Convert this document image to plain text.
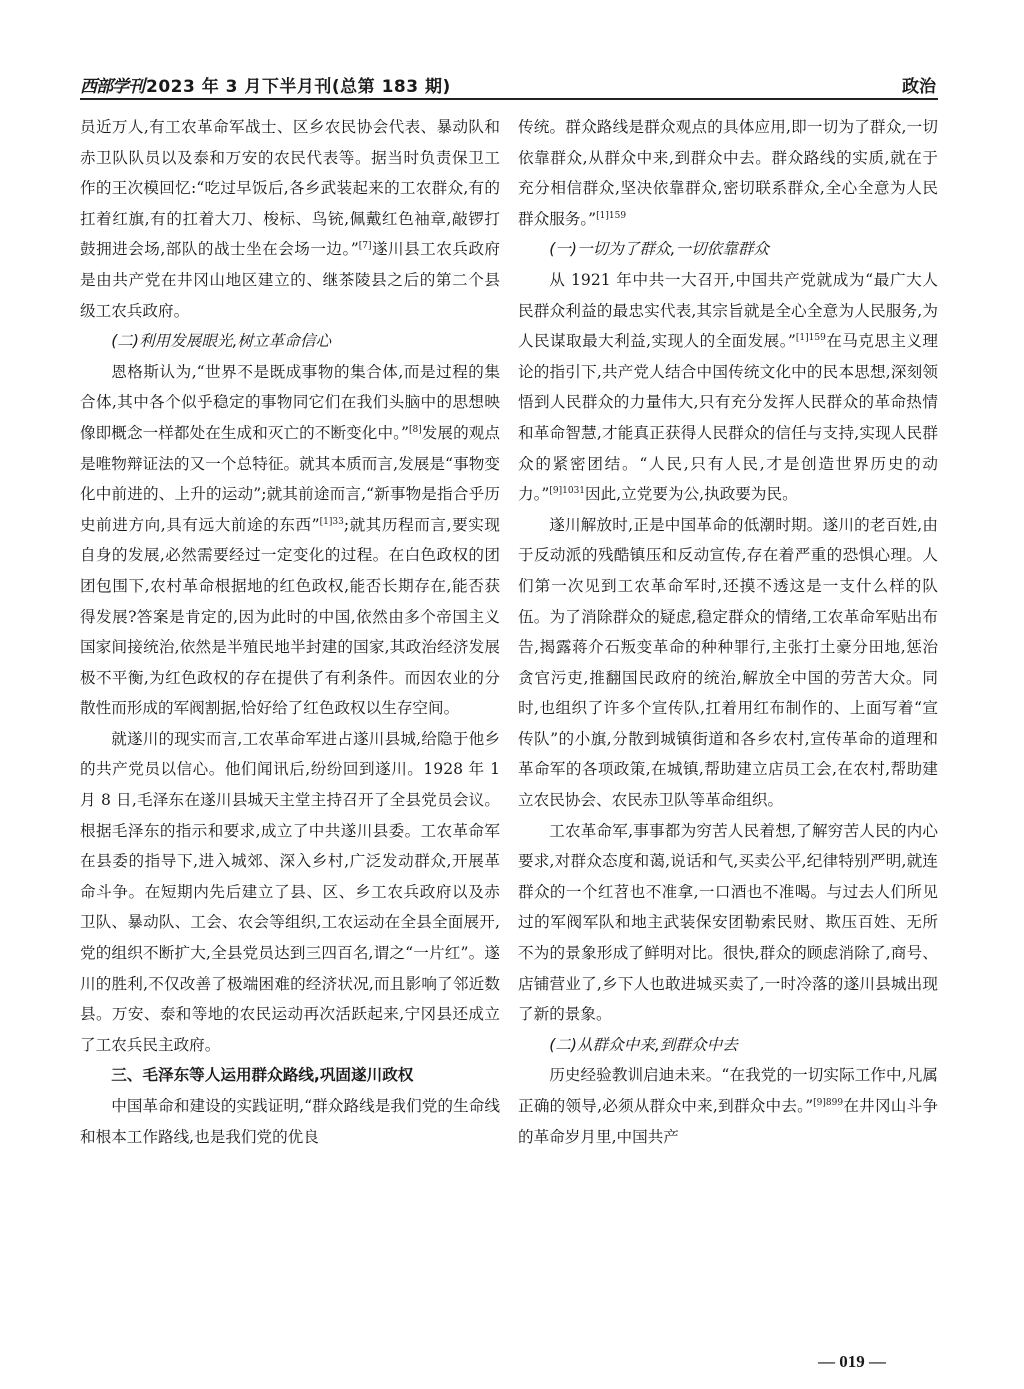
西部学刊 2023 年 3 月下半月刊(总第 183 期)	政治

员近万人,有工农革命军战士、区乡农民协会代表、暴动队和赤卫队队员以及泰和万安的农民代表等。据当时负责保卫工作的王次模回忆:“吃过早饭后,各乡武装起来的工农群众,有的扛着红旗,有的扛着大刀、梭标、鸟铳,佩戴红色袖章,敲锣打鼓拥进会场,部队的战士坐在会场一边。”[7]遂川县工农兵政府是由共产党在井冈山地区建立的、继茶陵县之后的第二个县级工农兵政府。

(二)利用发展眼光,树立革命信心

恩格斯认为,“世界不是既成事物的集合体,而是过程的集合体,其中各个似乎稳定的事物同它们在我们头脑中的思想映像即概念一样都处在生成和灭亡的不断变化中。”[8]发展的观点是唯物辩证法的又一个总特征。就其本质而言,发展是“事物变化中前进的、上升的运动”;就其前途而言,“新事物是指合乎历史前进方向,具有远大前途的东西”$^{[1]33}$;就其历程而言,要实现自身的发展,必然需要经过一定变化的过程。在白色政权的团团包围下,农村革命根据地的红色政权,能否长期存在,能否获得发展?答案是肯定的,因为此时的中国,依然由多个帝国主义国家间接统治,依然是半殖民地半封建的国家,其政治经济发展极不平衡,为红色政权的存在提供了有利条件。而因农业的分散性而形成的军阀割据,恰好给了红色政权以生存空间。

就遂川的现实而言,工农革命军进占遂川县城,给隐于他乡的共产党员以信心。他们闻讯后,纷纷回到遂川。1928 年 1 月 8 日,毛泽东在遂川县城天主堂主持召开了全县党员会议。根据毛泽东的指示和要求,成立了中共遂川县委。工农革命军在县委的指导下,进入城郊、深入乡村,广泛发动群众,开展革命斗争。在短期内先后建立了县、区、乡工农兵政府以及赤卫队、暴动队、工会、农会等组织,工农运动在全县全面展开,党的组织不断扩大,全县党员达到三四百名,谓之“一片红”。遂川的胜利,不仅改善了极端困难的经济状况,而且影响了邻近数县。万安、泰和等地的农民运动再次活跃起来,宁冈县还成立了工农兵民主政府。

三、毛泽东等人运用群众路线,巩固遂川政权

中国革命和建设的实践证明,“群众路线是我们党的生命线和根本工作路线,也是我们党的优良

传统。群众路线是群众观点的具体应用,即一切为了群众,一切依靠群众,从群众中来,到群众中去。群众路线的实质,就在于充分相信群众,坚决依靠群众,密切联系群众,全心全意为人民群众服务。”$^{[1]159}$

(一)一切为了群众,一切依靠群众

从 1921 年中共一大召开,中国共产党就成为“最广大人民群众利益的最忠实代表,其宗旨就是全心全意为人民服务,为人民谋取最大利益,实现人的全面发展。”$^{[1]159}$在马克思主义理论的指引下,共产党人结合中国传统文化中的民本思想,深刻领悟到人民群众的力量伟大,只有充分发挥人民群众的革命热情和革命智慧,才能真正获得人民群众的信任与支持,实现人民群众的紧密团结。“人民,只有人民,才是创造世界历史的动力。”$^{[9]1031}$因此,立党要为公,执政要为民。

遂川解放时,正是中国革命的低潮时期。遂川的老百姓,由于反动派的残酷镇压和反动宣传,存在着严重的恐惧心理。人们第一次见到工农革命军时,还摸不透这是一支什么样的队伍。为了消除群众的疑虑,稳定群众的情绪,工农革命军贴出布告,揭露蒋介石叛变革命的种种罪行,主张打土豪分田地,惩治贪官污吏,推翻国民政府的统治,解放全中国的劳苦大众。同时,也组织了许多个宣传队,扛着用红布制作的、上面写着“宣传队”的小旗,分散到城镇街道和各乡农村,宣传革命的道理和革命军的各项政策,在城镇,帮助建立店员工会,在农村,帮助建立农民协会、农民赤卫队等革命组织。

工农革命军,事事都为穷苦人民着想,了解穷苦人民的内心要求,对群众态度和蔼,说话和气,买卖公平,纪律特别严明,就连群众的一个红苕也不准拿,一口酒也不准喝。与过去人们所见过的军阀军队和地主武装保安团勒索民财、欺压百姓、无所不为的景象形成了鲜明对比。很快,群众的顾虑消除了,商号、店铺营业了,乡下人也敢进城买卖了,一时冷落的遂川县城出现了新的景象。

(二)从群众中来,到群众中去

历史经验教训启迪未来。“在我党的一切实际工作中,凡属正确的领导,必须从群众中来,到群众中去。”$^{[9]899}$在井冈山斗争的革命岁月里,中国共产

— 019 —
